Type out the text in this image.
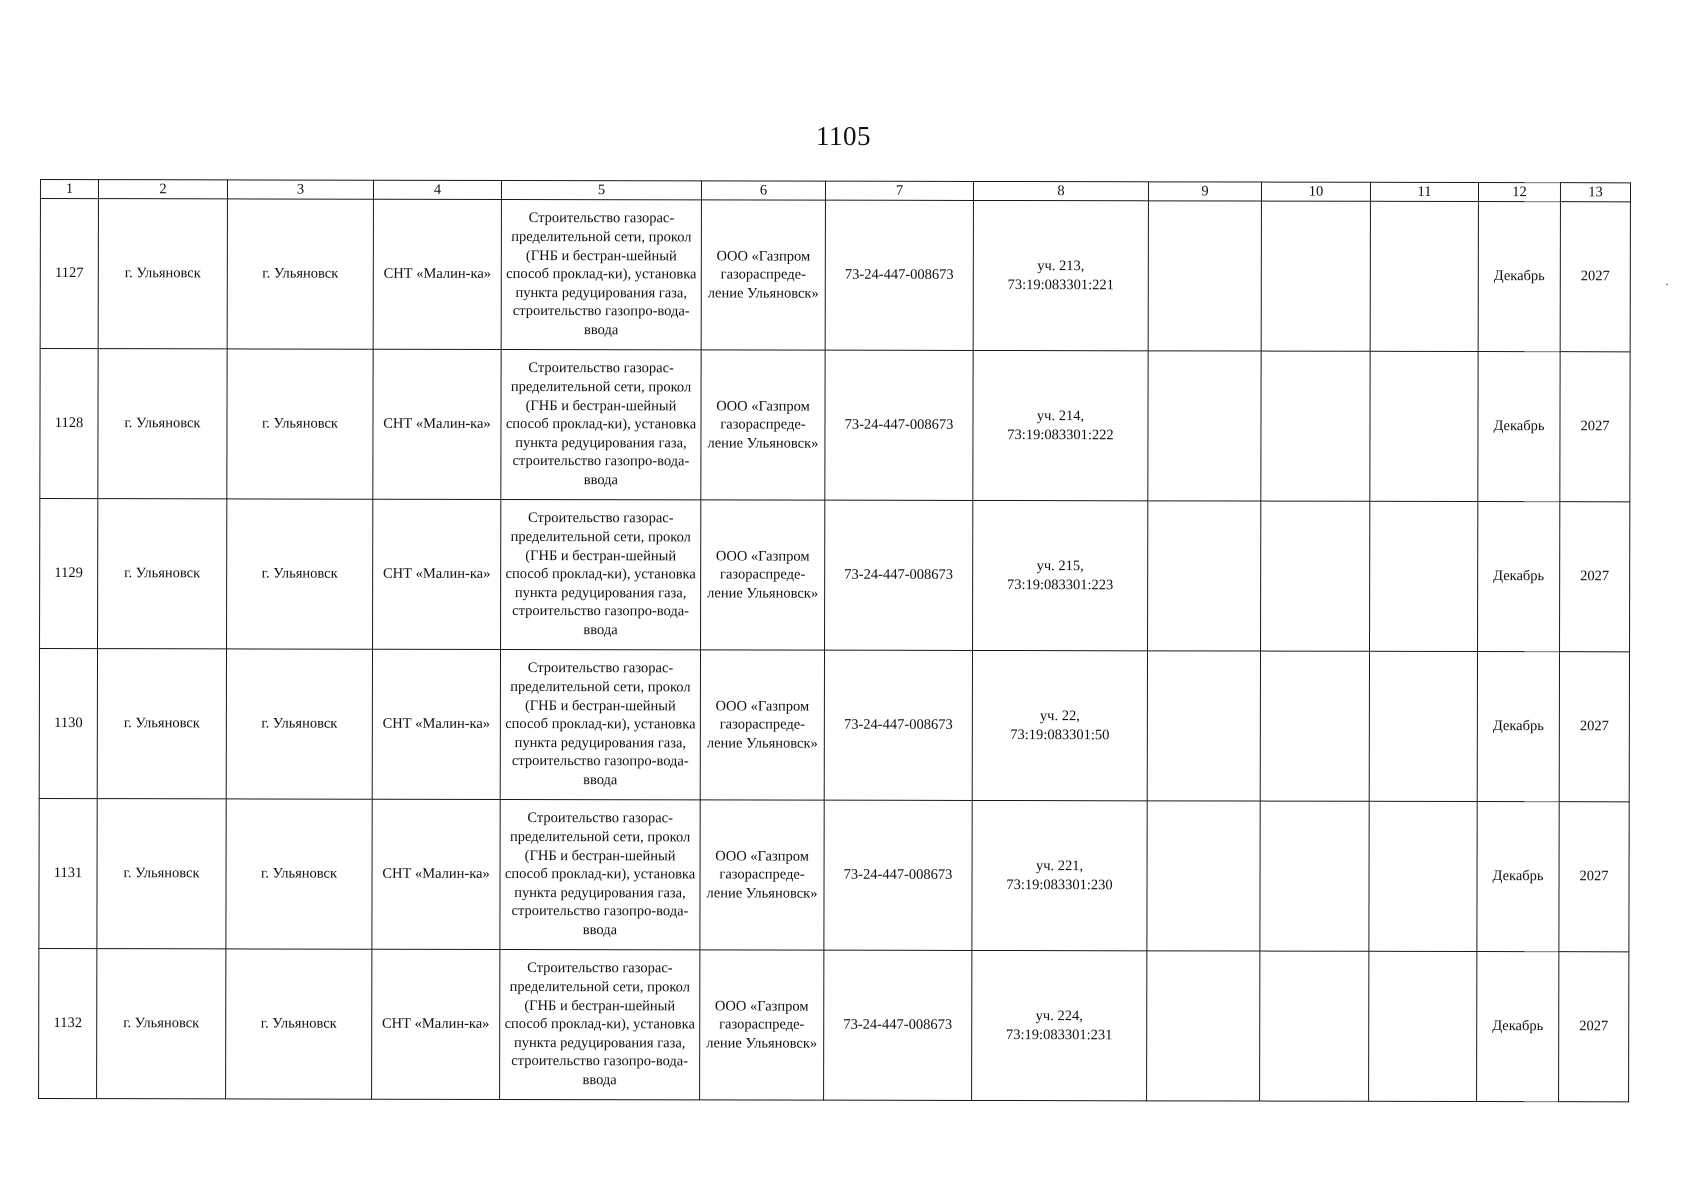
1105
1	2	3	4	5	6	7	8	9	10	11	12	13
1127	г. Ульяновск	г. Ульяновск	СНТ «Малин-ка»	Строительство газорас-пределительной сети, прокол (ГНБ и бестран-шейный способ проклад-ки), установка пункта редуцирования газа, строительство газопро-вода-ввода	ООО «Газпром газораспреде-ление Ульяновск»	73-24-447-008673	уч. 213,
73:19:083301:221				Декабрь	2027
1128	г. Ульяновск	г. Ульяновск	СНТ «Малин-ка»	Строительство газорас-пределительной сети, прокол (ГНБ и бестран-шейный способ проклад-ки), установка пункта редуцирования газа, строительство газопро-вода-ввода	ООО «Газпром газораспреде-ление Ульяновск»	73-24-447-008673	уч. 214,
73:19:083301:222				Декабрь	2027
1129	г. Ульяновск	г. Ульяновск	СНТ «Малин-ка»	Строительство газорас-пределительной сети, прокол (ГНБ и бестран-шейный способ проклад-ки), установка пункта редуцирования газа, строительство газопро-вода-ввода	ООО «Газпром газораспреде-ление Ульяновск»	73-24-447-008673	уч. 215,
73:19:083301:223				Декабрь	2027
1130	г. Ульяновск	г. Ульяновск	СНТ «Малин-ка»	Строительство газорас-пределительной сети, прокол (ГНБ и бестран-шейный способ проклад-ки), установка пункта редуцирования газа, строительство газопро-вода-ввода	ООО «Газпром газораспреде-ление Ульяновск»	73-24-447-008673	уч. 22,
73:19:083301:50				Декабрь	2027
1131	г. Ульяновск	г. Ульяновск	СНТ «Малин-ка»	Строительство газорас-пределительной сети, прокол (ГНБ и бестран-шейный способ проклад-ки), установка пункта редуцирования газа, строительство газопро-вода-ввода	ООО «Газпром газораспреде-ление Ульяновск»	73-24-447-008673	уч. 221,
73:19:083301:230				Декабрь	2027
1132	г. Ульяновск	г. Ульяновск	СНТ «Малин-ка»	Строительство газорас-пределительной сети, прокол (ГНБ и бестран-шейный способ проклад-ки), установка пункта редуцирования газа, строительство газопро-вода-ввода	ООО «Газпром газораспреде-ление Ульяновск»	73-24-447-008673	уч. 224,
73:19:083301:231				Декабрь	2027
·
